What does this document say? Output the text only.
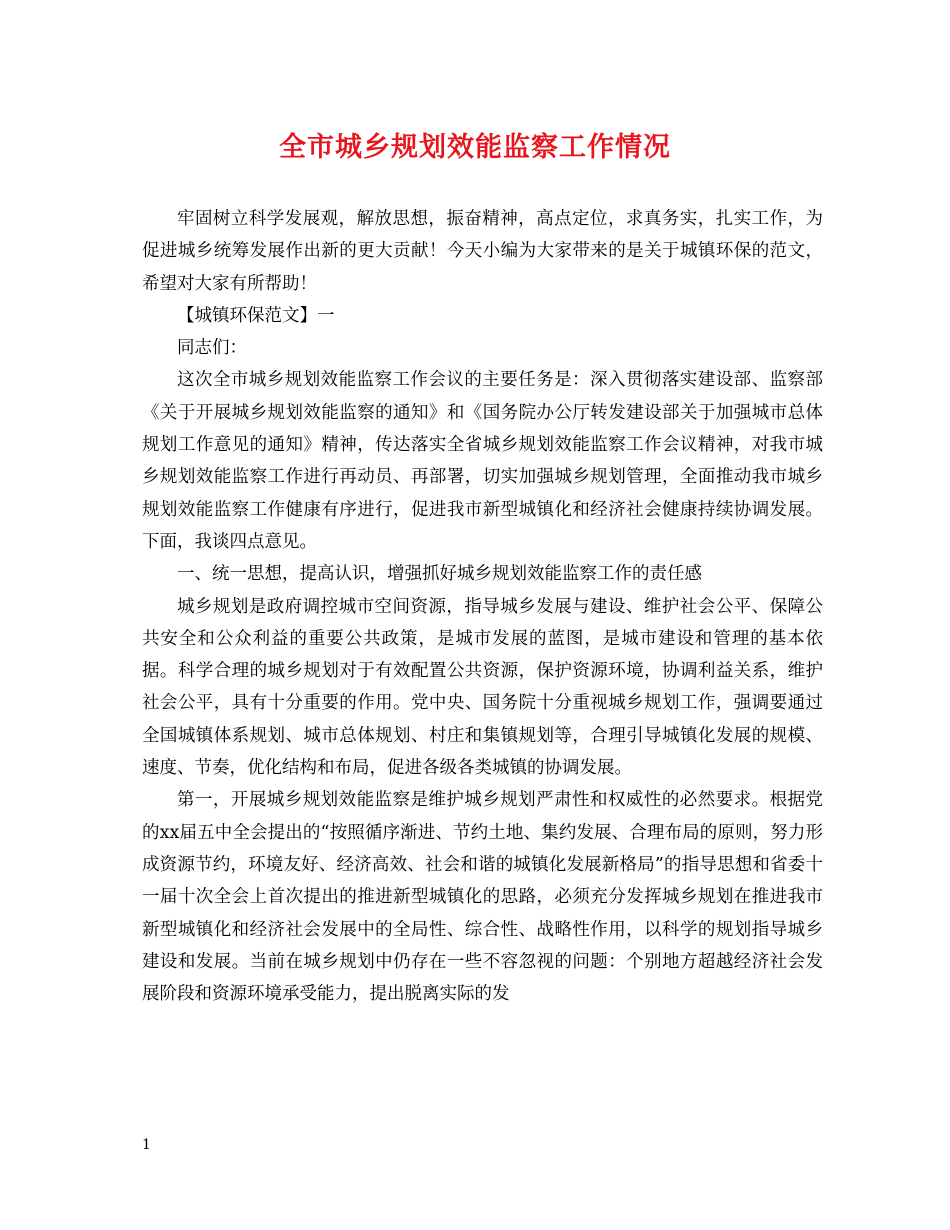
全市城乡规划效能监察工作情况

牢固树立科学发展观，解放思想，振奋精神，高点定位，求真务实，扎实工作，为促进城乡统筹发展作出新的更大贡献！今天小编为大家带来的是关于城镇环保的范文，希望对大家有所帮助！

【城镇环保范文】一

同志们：

这次全市城乡规划效能监察工作会议的主要任务是：深入贯彻落实建设部、监察部《关于开展城乡规划效能监察的通知》和《国务院办公厅转发建设部关于加强城市总体规划工作意见的通知》精神，传达落实全省城乡规划效能监察工作会议精神，对我市城乡规划效能监察工作进行再动员、再部署，切实加强城乡规划管理，全面推动我市城乡规划效能监察工作健康有序进行，促进我市新型城镇化和经济社会健康持续协调发展。下面，我谈四点意见。

一、统一思想，提高认识，增强抓好城乡规划效能监察工作的责任感

城乡规划是政府调控城市空间资源，指导城乡发展与建设、维护社会公平、保障公共安全和公众利益的重要公共政策，是城市发展的蓝图，是城市建设和管理的基本依据。科学合理的城乡规划对于有效配置公共资源，保护资源环境，协调利益关系，维护社会公平，具有十分重要的作用。党中央、国务院十分重视城乡规划工作，强调要通过全国城镇体系规划、城市总体规划、村庄和集镇规划等，合理引导城镇化发展的规模、速度、节奏，优化结构和布局，促进各级各类城镇的协调发展。

第一，开展城乡规划效能监察是维护城乡规划严肃性和权威性的必然要求。根据党的xx届五中全会提出的“按照循序渐进、节约土地、集约发展、合理布局的原则，努力形成资源节约，环境友好、经济高效、社会和谐的城镇化发展新格局”的指导思想和省委十一届十次全会上首次提出的推进新型城镇化的思路，必须充分发挥城乡规划在推进我市新型城镇化和经济社会发展中的全局性、综合性、战略性作用，以科学的规划指导城乡建设和发展。当前在城乡规划中仍存在一些不容忽视的问题：个别地方超越经济社会发展阶段和资源环境承受能力，提出脱离实际的发

1
